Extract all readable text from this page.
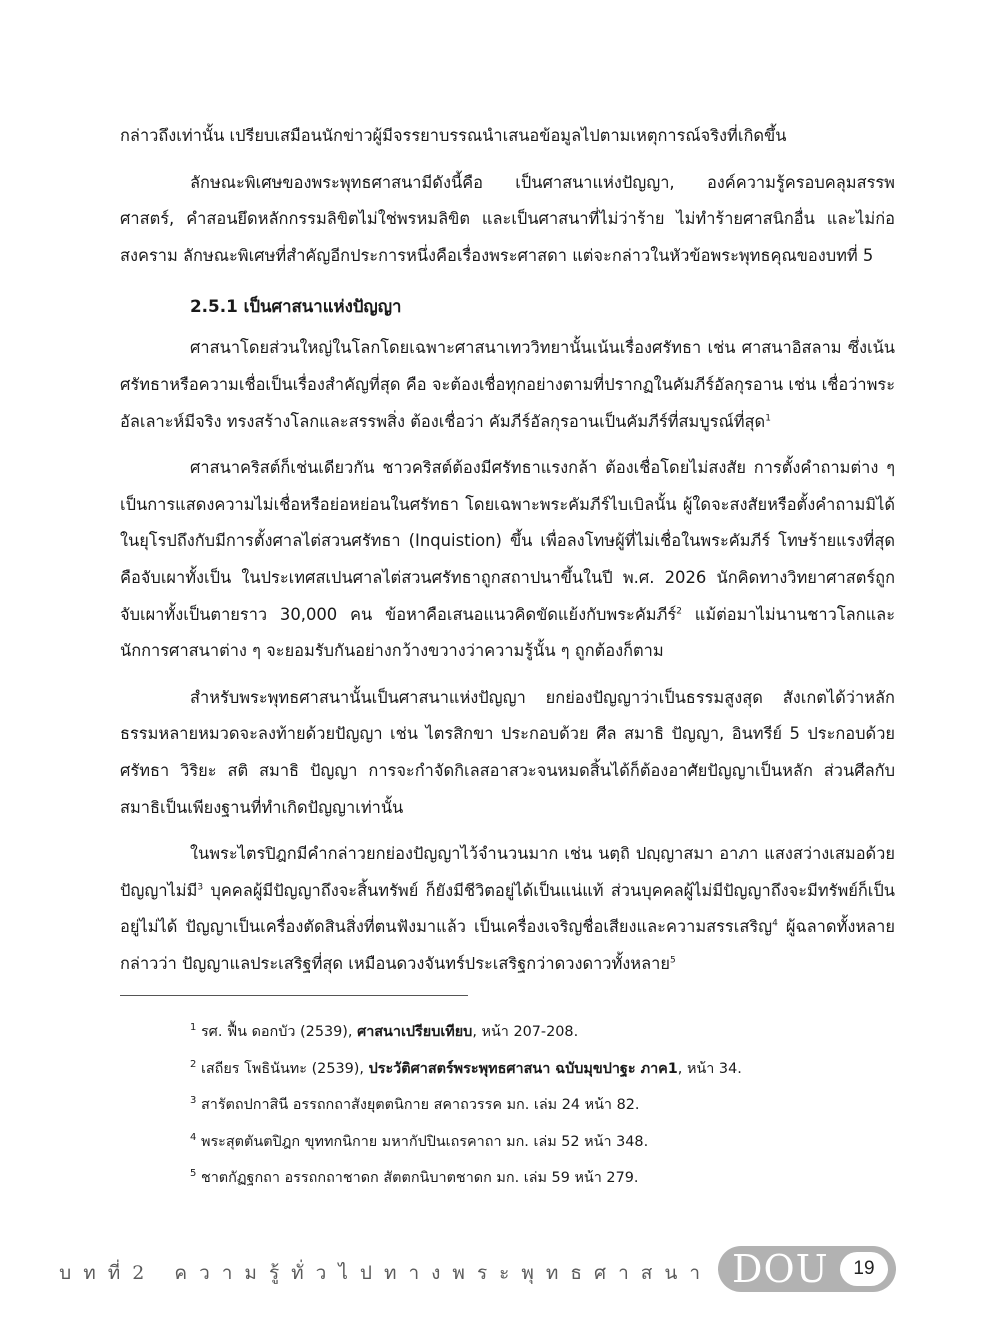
กล่าวถึงเท่านั้น เปรียบเสมือนนักข่าวผู้มีจรรยาบรรณนำเสนอข้อมูลไปตามเหตุการณ์จริงที่เกิดขึ้น

ลักษณะพิเศษของพระพุทธศาสนามีดังนี้คือ เป็นศาสนาแห่งปัญญา, องค์ความรู้ครอบคลุมสรรพศาสตร์, คำสอนยึดหลักกรรมลิขิตไม่ใช่พรหมลิขิต และเป็นศาสนาที่ไม่ว่าร้าย ไม่ทำร้ายศาสนิกอื่น และไม่ก่อสงคราม ลักษณะพิเศษที่สำคัญอีกประการหนึ่งคือเรื่องพระศาสดา แต่จะกล่าวในหัวข้อพระพุทธคุณของบทที่ 5

2.5.1 เป็นศาสนาแห่งปัญญา

ศาสนาโดยส่วนใหญ่ในโลกโดยเฉพาะศาสนาเทววิทยานั้นเน้นเรื่องศรัทธา เช่น ศาสนาอิสลาม ซึ่งเน้นศรัทธาหรือความเชื่อเป็นเรื่องสำคัญที่สุด คือ จะต้องเชื่อทุกอย่างตามที่ปรากฏในคัมภีร์อัลกุรอาน เช่น เชื่อว่าพระอัลเลาะห์มีจริง ทรงสร้างโลกและสรรพสิ่ง ต้องเชื่อว่า คัมภีร์อัลกุรอานเป็นคัมภีร์ที่สมบูรณ์ที่สุด$^1$

ศาสนาคริสต์ก็เช่นเดียวกัน ชาวคริสต์ต้องมีศรัทธาแรงกล้า ต้องเชื่อโดยไม่สงสัย การตั้งคำถามต่าง ๆ เป็นการแสดงความไม่เชื่อหรือย่อหย่อนในศรัทธา โดยเฉพาะพระคัมภีร์ไบเบิลนั้น ผู้ใดจะสงสัยหรือตั้งคำถามมิได้ ในยุโรปถึงกับมีการตั้งศาลไต่สวนศรัทธา (Inquistion) ขึ้น เพื่อลงโทษผู้ที่ไม่เชื่อในพระคัมภีร์ โทษร้ายแรงที่สุดคือจับเผาทั้งเป็น ในประเทศสเปนศาลไต่สวนศรัทธาถูกสถาปนาขึ้นในปี พ.ศ. 2026 นักคิดทางวิทยาศาสตร์ถูกจับเผาทั้งเป็นตายราว 30,000 คน ข้อหาคือเสนอแนวคิดขัดแย้งกับพระคัมภีร์$^2$ แม้ต่อมาไม่นานชาวโลกและนักการศาสนาต่าง ๆ จะยอมรับกันอย่างกว้างขวางว่าความรู้นั้น ๆ ถูกต้องก็ตาม

สำหรับพระพุทธศาสนานั้นเป็นศาสนาแห่งปัญญา ยกย่องปัญญาว่าเป็นธรรมสูงสุด สังเกตได้ว่าหลักธรรมหลายหมวดจะลงท้ายด้วยปัญญา เช่น ไตรสิกขา ประกอบด้วย ศีล สมาธิ ปัญญา, อินทรีย์ 5 ประกอบด้วย ศรัทธา วิริยะ สติ สมาธิ ปัญญา การจะกำจัดกิเลสอาสวะจนหมดสิ้นได้ก็ต้องอาศัยปัญญาเป็นหลัก ส่วนศีลกับสมาธิเป็นเพียงฐานที่ทำเกิดปัญญาเท่านั้น

ในพระไตรปิฎกมีคำกล่าวยกย่องปัญญาไว้จำนวนมาก เช่น นตฺถิ ปญฺญาสมา อาภา แสงสว่างเสมอด้วยปัญญาไม่มี$^3$ บุคคลผู้มีปัญญาถึงจะสิ้นทรัพย์ ก็ยังมีชีวิตอยู่ได้เป็นแน่แท้ ส่วนบุคคลผู้ไม่มีปัญญาถึงจะมีทรัพย์ก็เป็นอยู่ไม่ได้ ปัญญาเป็นเครื่องตัดสินสิ่งที่ตนฟังมาแล้ว เป็นเครื่องเจริญชื่อเสียงและความสรรเสริญ$^4$ ผู้ฉลาดทั้งหลายกล่าวว่า ปัญญาแลประเสริฐที่สุด เหมือนดวงจันทร์ประเสริฐกว่าดวงดาวทั้งหลาย$^5$

$^1$ รศ. ฟื้น ดอกบัว (2539), ศาสนาเปรียบเทียบ, หน้า 207-208.
$^2$ เสถียร โพธินันทะ (2539), ประวัติศาสตร์พระพุทธศาสนา ฉบับมุขปาฐะ ภาค1, หน้า 34.
$^3$ สารัตถปกาสินี อรรถกถาสังยุตตนิกาย สคาถวรรค มก. เล่ม 24 หน้า 82.
$^4$ พระสุตตันตปิฎก ขุททกนิกาย มหากัปปินเถรคาถา มก. เล่ม 52 หน้า 348.
$^5$ ชาตกัฏฐกถา อรรถกถาชาดก สัตตกนิบาตชาดก มก. เล่ม 59 หน้า 279.
บทที่2 ความรู้ทั่วไปทางพระพุทธศาสนา DOU	19
